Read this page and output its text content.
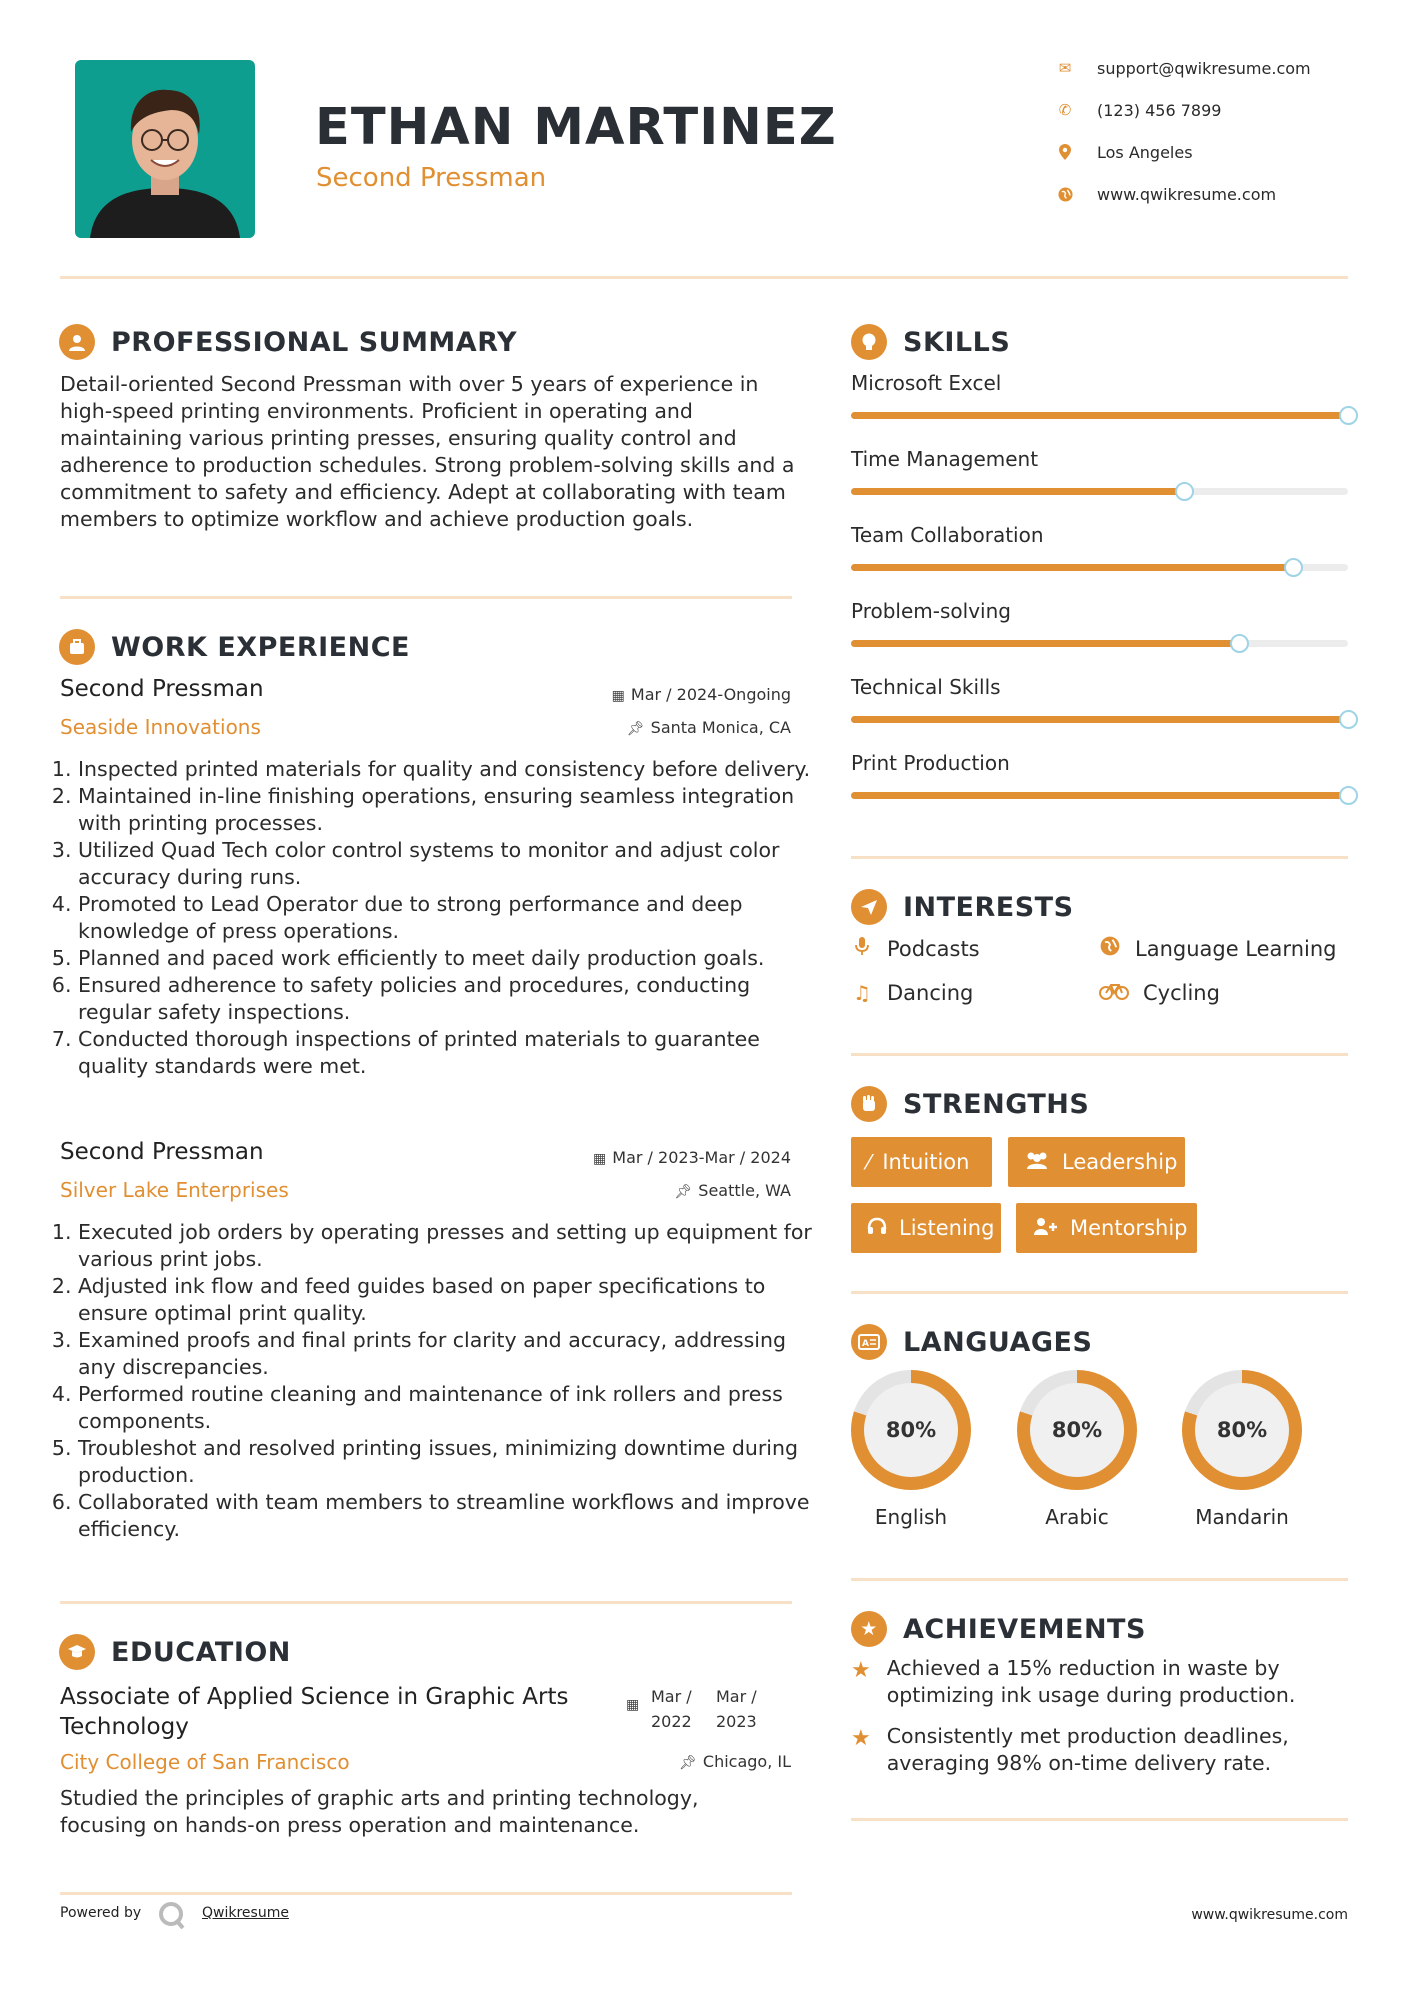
ETHAN MARTINEZ
Second Pressman
✉ support@qwikresume.com
✆ (123) 456 7899
Los Angeles
www.qwikresume.com
PROFESSIONAL SUMMARY
Detail-oriented Second Pressman with over 5 years of experience in high-speed printing environments. Proficient in operating and maintaining various printing presses, ensuring quality control and adherence to production schedules. Strong problem-solving skills and a commitment to safety and efficiency. Adept at collaborating with team members to optimize workflow and achieve production goals.
WORK EXPERIENCE
Second Pressman	▦ Mar / 2024-Ongoing
Seaside Innovations	📌︎ Santa Monica, CA
1. Inspected printed materials for quality and consistency before delivery.
2. Maintained in-line finishing operations, ensuring seamless integration with printing processes.
3. Utilized Quad Tech color control systems to monitor and adjust color accuracy during runs.
4. Promoted to Lead Operator due to strong performance and deep knowledge of press operations.
5. Planned and paced work efficiently to meet daily production goals.
6. Ensured adherence to safety policies and procedures, conducting regular safety inspections.
7. Conducted thorough inspections of printed materials to guarantee quality standards were met.
Second Pressman	▦ Mar / 2023-Mar / 2024
Silver Lake Enterprises	📌︎ Seattle, WA
1. Executed job orders by operating presses and setting up equipment for various print jobs.
2. Adjusted ink flow and feed guides based on paper specifications to ensure optimal print quality.
3. Examined proofs and final prints for clarity and accuracy, addressing any discrepancies.
4. Performed routine cleaning and maintenance of ink rollers and press components.
5. Troubleshot and resolved printing issues, minimizing downtime during production.
6. Collaborated with team members to streamline workflows and improve efficiency.
EDUCATION
Associate of Applied Science in Graphic Arts Technology
▦ Mar / 2022
Mar / 2023
City College of San Francisco	📌︎ Chicago, IL
Studied the principles of graphic arts and printing technology, focusing on hands-on press operation and maintenance.
SKILLS
Microsoft Excel
Time Management
Team Collaboration
Problem-solving
Technical Skills
Print Production
INTERESTS
Podcasts	Language Learning
♫ Dancing	Cycling
STRENGTHS
⁄ Intuition	Leadership
Listening	Mentorship
A LANGUAGES
80%
English
80%
Arabic
80%
Mandarin
★ ACHIEVEMENTS
★ Achieved a 15% reduction in waste by optimizing ink usage during production.
★ Consistently met production deadlines, averaging 98% on-time delivery rate.
Powered by	Qwikresume	www.qwikresume.com
